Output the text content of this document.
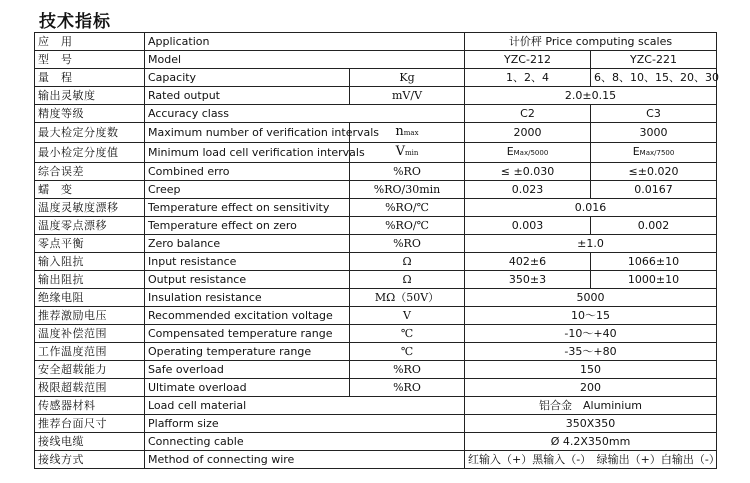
技术指标
应　用	Application		计价秤 Price computing scales	
型　号	Model		YZC-212	YZC-221
量　程	Capacity	Kg	1、2、4	6、8、10、15、20、30
输出灵敏度	Rated output	mV/V	2.0±0.15	
精度等级	Accuracy class		C2	C3
最大检定分度数	Maximum number of verification intervals	nmax	2000	3000
最小检定分度值	Minimum load cell verification intervals	Vmin	EMax/5000	EMax/7500
综合误差	Combined erro	%RO	≤ ±0.030	≤±0.020
蠕　变	Creep	%RO/30min	0.023	0.0167
温度灵敏度漂移	Temperature effect on sensitivity	%RO/℃	0.016	
温度零点漂移	Temperature effect on zero	%RO/℃	0.003	0.002
零点平衡	Zero balance	%RO	±1.0	
输入阻抗	Input resistance	Ω	402±6	1066±10
输出阻抗	Output resistance	Ω	350±3	1000±10
绝缘电阻	Insulation resistance	MΩ（50V）	5000	
推荐激励电压	Recommended excitation voltage	V	10～15	
温度补偿范围	Compensated temperature range	℃	-10～+40	
工作温度范围	Operating temperature range	℃	-35～+80	
安全超载能力	Safe overload	%RO	150	
极限超载范围	Ultimate overload	%RO	200	
传感器材料	Load cell material		铝合金　Aluminium	
推荐台面尺寸	Plafform size		350X350	
接线电缆	Connecting cable		Ø 4.2X350mm	
接线方式	Method of connecting wire		红输入（+）黑输入（-）　绿输出（+）白输出（-）	
